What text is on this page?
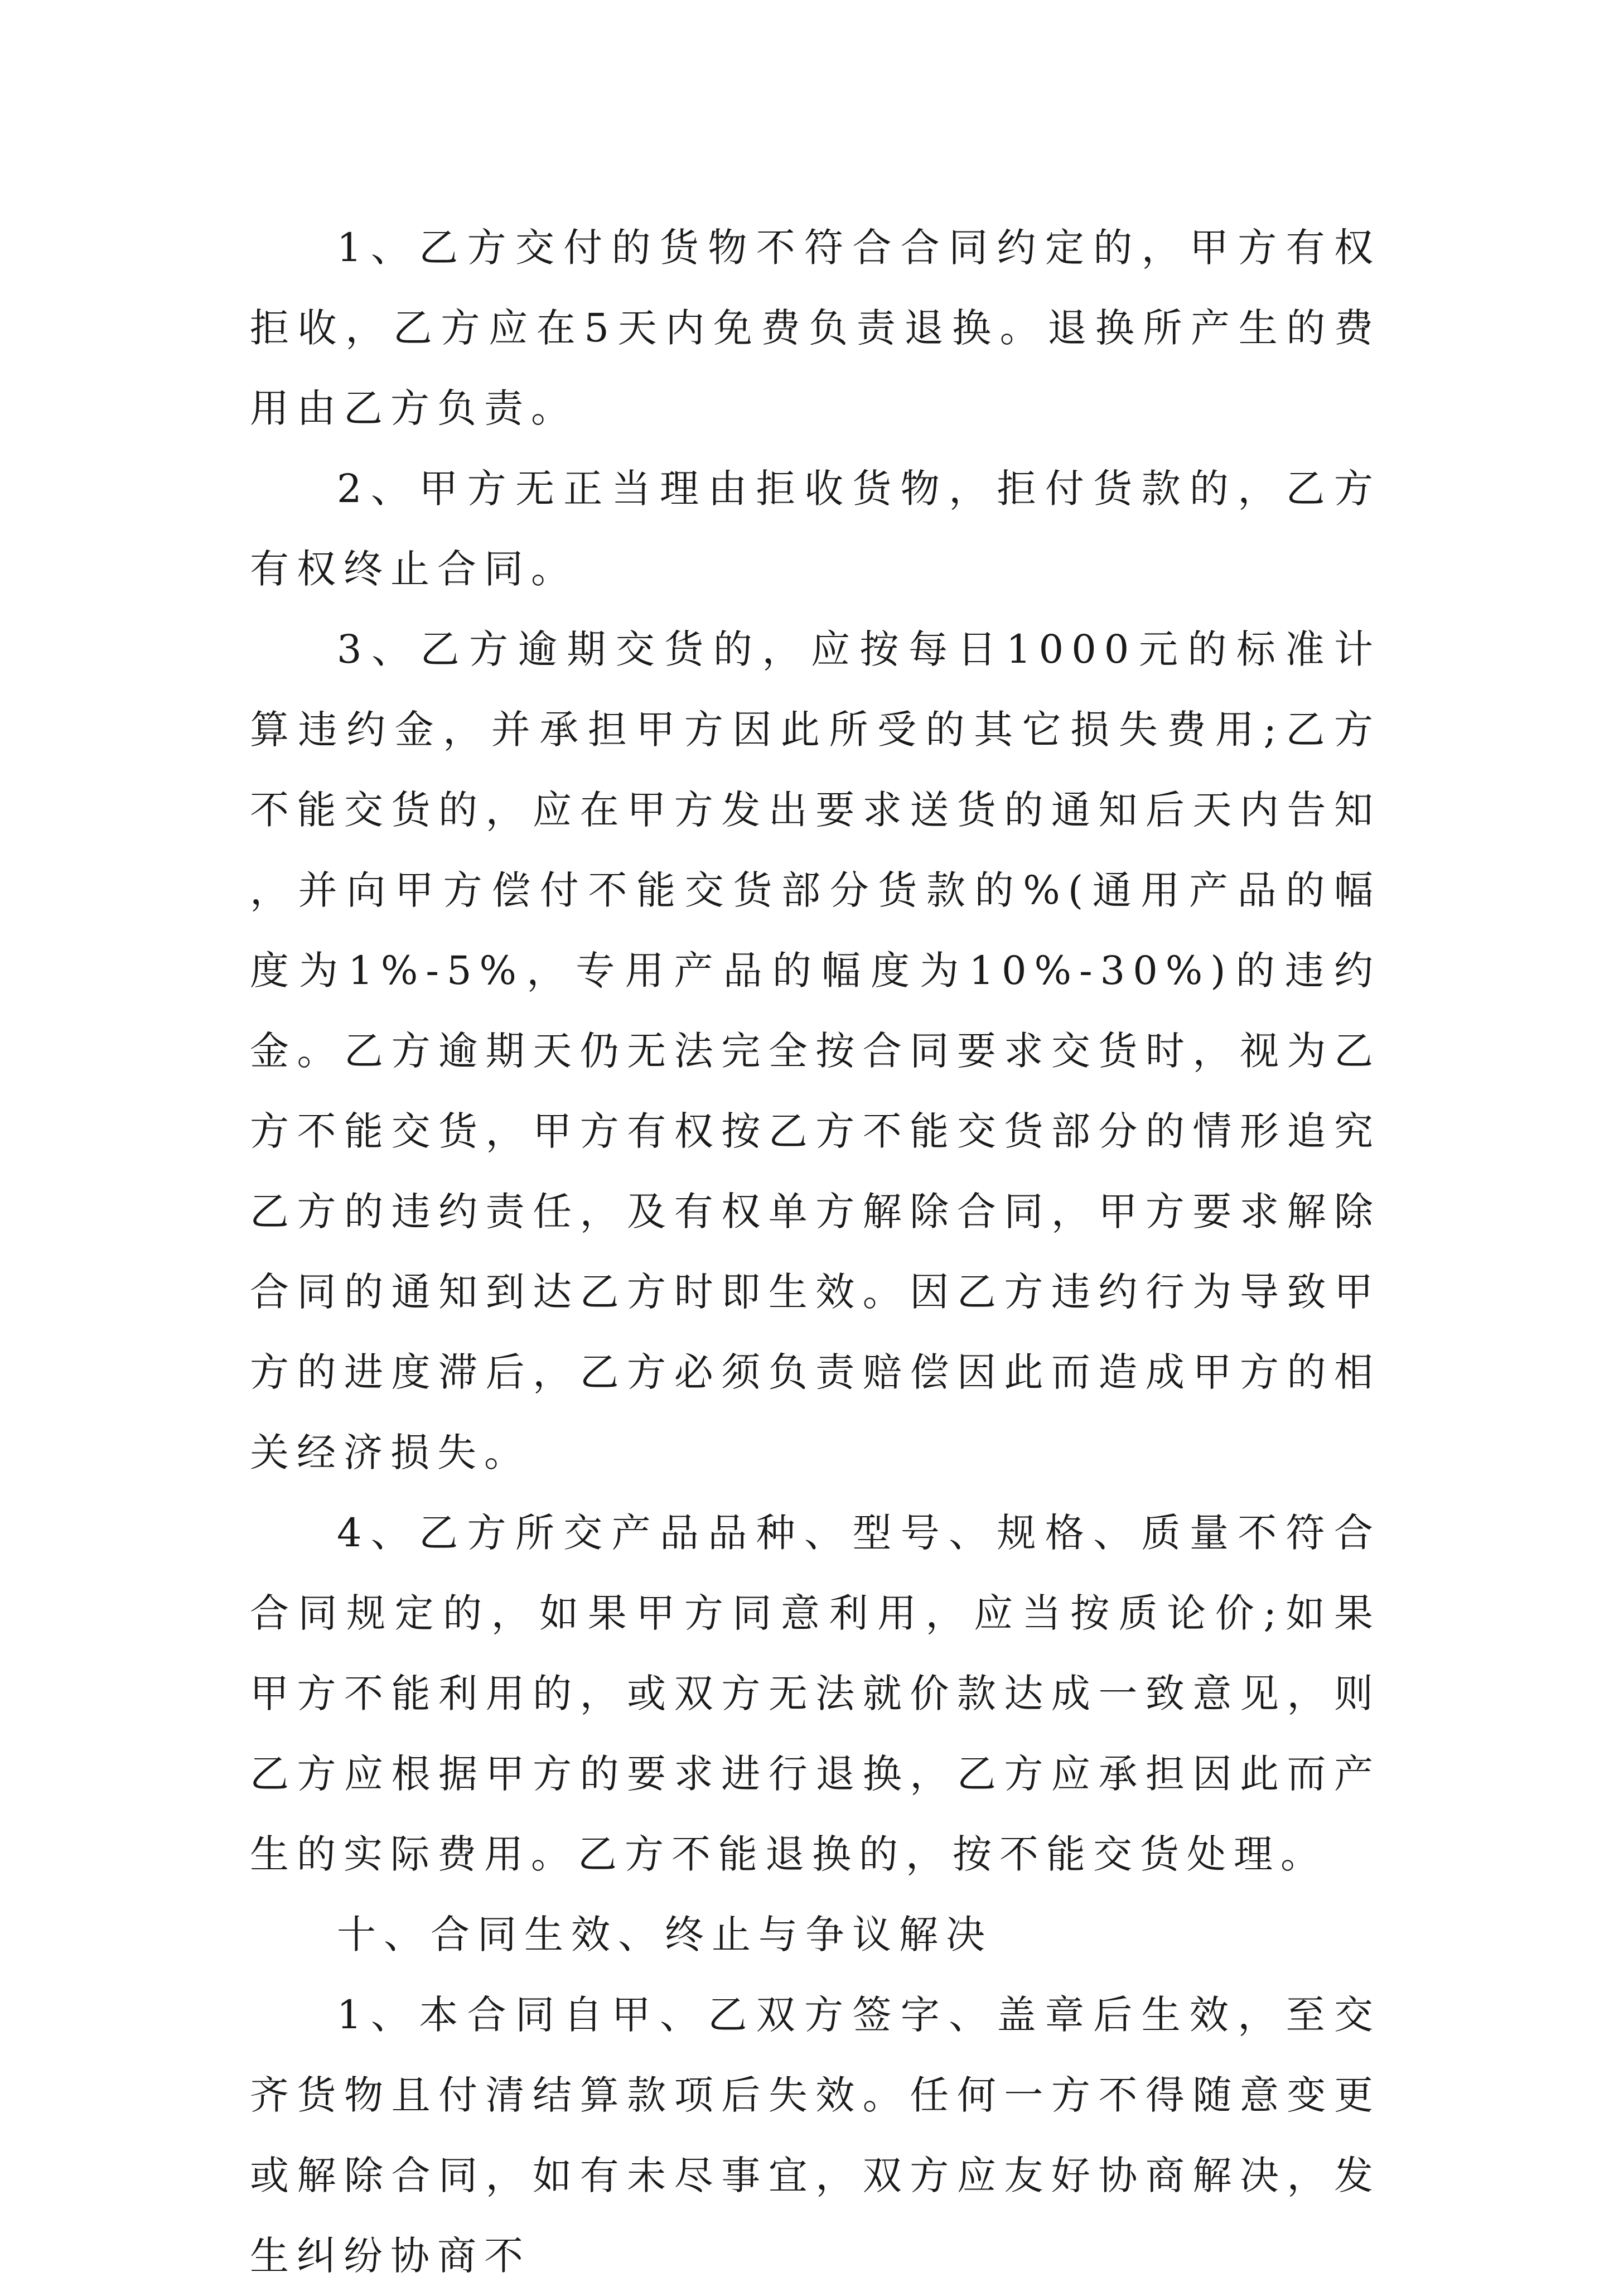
1、乙方交付的货物不符合合同约定的，甲方有权拒收，乙方应在5天内免费负责退换。退换所产生的费用由乙方负责。

2、甲方无正当理由拒收货物，拒付货款的，乙方有权终止合同。

3、乙方逾期交货的，应按每日1000元的标准计算违约金，并承担甲方因此所受的其它损失费用;乙方不能交货的，应在甲方发出要求送货的通知后天内告知，并向甲方偿付不能交货部分货款的%(通用产品的幅度为1%-5%，专用产品的幅度为10%-30%)的违约金。乙方逾期天仍无法完全按合同要求交货时，视为乙方不能交货，甲方有权按乙方不能交货部分的情形追究乙方的违约责任，及有权单方解除合同，甲方要求解除合同的通知到达乙方时即生效。因乙方违约行为导致甲方的进度滞后，乙方必须负责赔偿因此而造成甲方的相关经济损失。

4、乙方所交产品品种、型号、规格、质量不符合合同规定的，如果甲方同意利用，应当按质论价;如果甲方不能利用的，或双方无法就价款达成一致意见，则乙方应根据甲方的要求进行退换，乙方应承担因此而产生的实际费用。乙方不能退换的，按不能交货处理。

十、合同生效、终止与争议解决

1、本合同自甲、乙双方签字、盖章后生效，至交齐货物且付清结算款项后失效。任何一方不得随意变更或解除合同，如有未尽事宜，双方应友好协商解决，发生纠纷协商不
